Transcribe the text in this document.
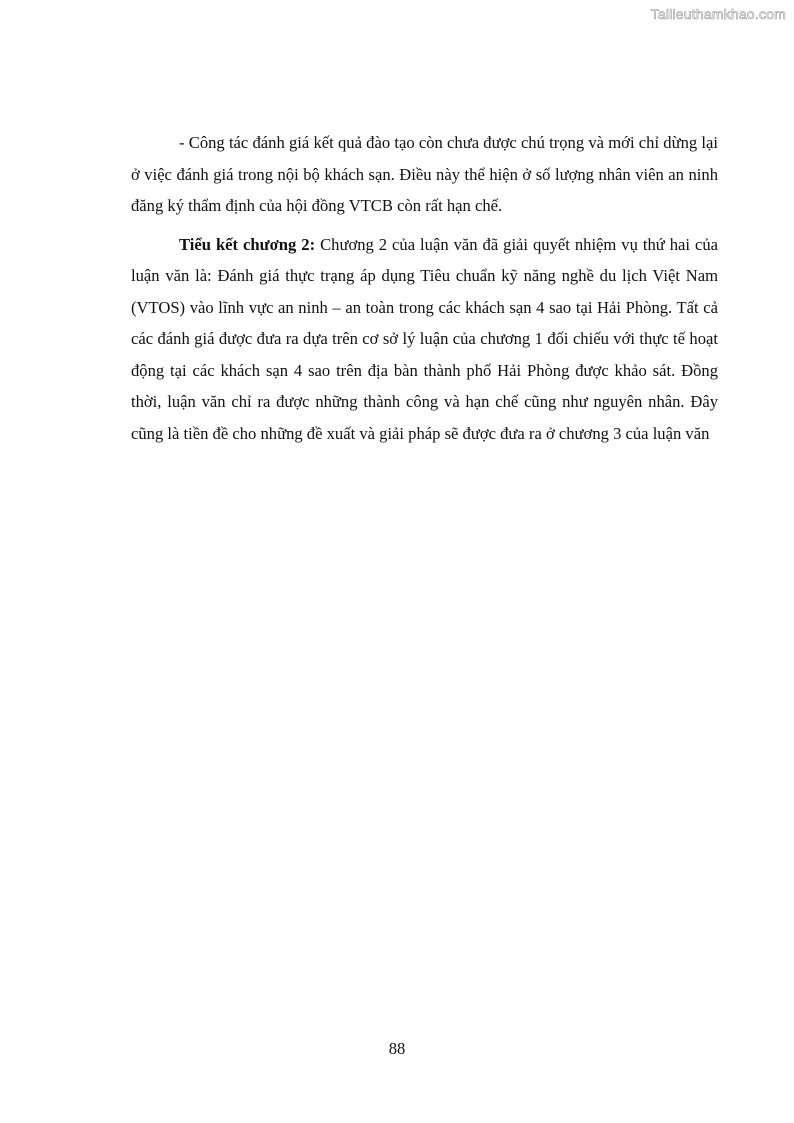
Tailieuthamkhao.com

- Công tác đánh giá kết quả đào tạo còn chưa được chú trọng và mới chỉ dừng lại ở việc đánh giá trong nội bộ khách sạn. Điều này thể hiện ở số lượng nhân viên an ninh đăng ký thẩm định của hội đồng VTCB còn rất hạn chế.

Tiểu kết chương 2: Chương 2 của luận văn đã giải quyết nhiệm vụ thứ hai của luận văn là: Đánh giá thực trạng áp dụng Tiêu chuẩn kỹ năng nghề du lịch Việt Nam (VTOS) vào lĩnh vực an ninh – an toàn trong các khách sạn 4 sao tại Hải Phòng. Tất cả các đánh giá được đưa ra dựa trên cơ sở lý luận của chương 1 đối chiếu với thực tế hoạt động tại các khách sạn 4 sao trên địa bàn thành phố Hải Phòng được khảo sát. Đồng thời, luận văn chỉ ra được những thành công và hạn chế cũng như nguyên nhân. Đây cũng là tiền đề cho những đề xuất và giải pháp sẽ được đưa ra ở chương 3 của luận văn

88
